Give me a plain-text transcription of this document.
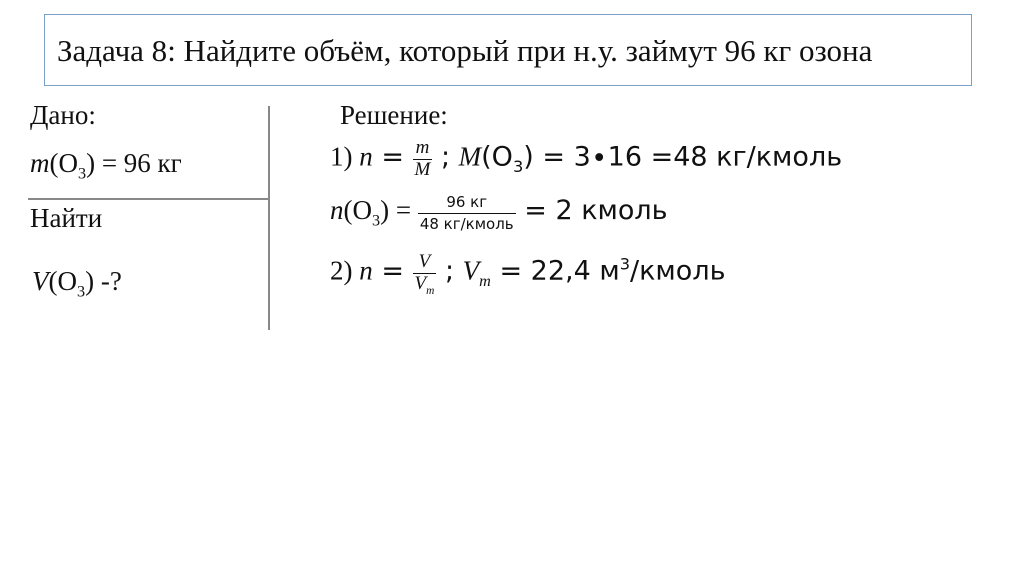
Задача 8: Найдите объём, который при н.у. займут 96 кг озона
Дано:
$m(O_3) = 96$ кг
Найти
$V(O_3)$ -?
Решение:
1) $n = \frac{m}{M}$ ; $M(O_3) = 3\cdot 16 =48$ кг/кмоль
$n(O_3) = \frac{96 кг}{\text{48 кг/кмоль}} = 2$ кмоль
2) $n = \frac{V}{V_m}$ ; $V_m = 22,4$ $м^3$/кмоль
